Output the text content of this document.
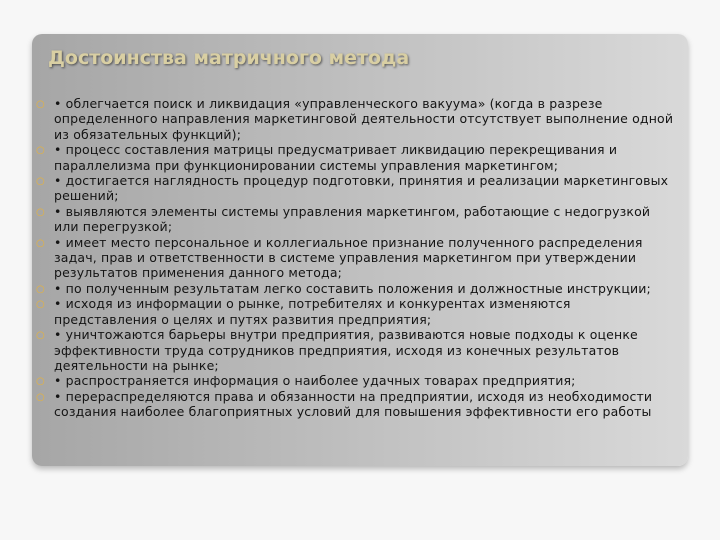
Достоинства матричного метода
○ • облегчается поиск и ликвидация «управленческого вакуума» (когда в разрезе определенного направления маркетинговой деятельности отсутствует выполнение одной из обязательных функций);
○ • процесс составления матрицы предусматривает ликвидацию перекрещивания и параллелизма при функционировании системы управления маркетингом;
○ • достигается наглядность процедур подготовки, принятия и реализации маркетинговых решений;
○ • выявляются элементы системы управления маркетингом, работающие с недогрузкой или перегрузкой;
○ • имеет место персональное и коллегиальное признание полученного распределения задач, прав и ответственности в системе управления маркетингом при утверждении результатов применения данного метода;
○ • по полученным результатам легко составить положения и должностные инструкции;
○ • исходя из информации о рынке, потребителях и конкурентах изменяются представления о целях и путях развития предприятия;
○ • уничтожаются барьеры внутри предприятия, развиваются новые подходы к оценке эффективности труда сотрудников предприятия, исходя из конечных результатов деятельности на рынке;
○ • распространяется информация о наиболее удачных товарах предприятия;
○ • перераспределяются права и обязанности на предприятии, исходя из необходимости создания наиболее благоприятных условий для повышения эффективности его работы
